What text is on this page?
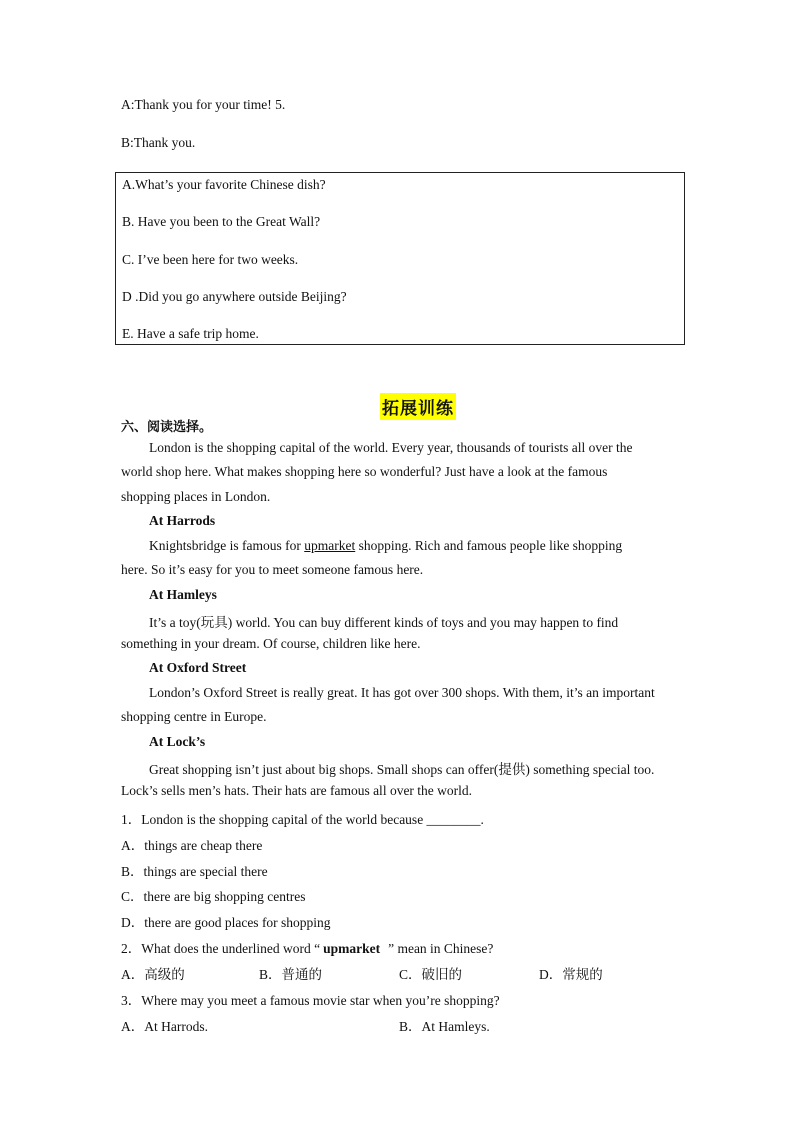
A:Thank you for your time! 5.
B:Thank you.
A.What’s your favorite Chinese dish?
B. Have you been to the Great Wall?
C. I’ve been here for two weeks.
D .Did you go anywhere outside Beijing?
E. Have a safe trip home.
拓展训练
六、阅读选择。
London is the shopping capital of the world. Every year, thousands of tourists all over the
world shop here. What makes shopping here so wonderful? Just have a look at the famous
shopping places in London.
At Harrods
Knightsbridge is famous for upmarket shopping. Rich and famous people like shopping
here. So it’s easy for you to meet someone famous here.
At Hamleys
It’s a toy(玩具) world. You can buy different kinds of toys and you may happen to find
something in your dream. Of course, children like here.
At Oxford Street
London’s Oxford Street is really great. It has got over 300 shops. With them, it’s an important
shopping centre in Europe.
At Lock’s
Great shopping isn’t just about big shops. Small shops can offer(提供) something special too.
Lock’s sells men’s hats. Their hats are famous all over the world.
1．London is the shopping capital of the world because ________.
A．things are cheap there
B．things are special there
C．there are big shopping centres
D．there are good places for shopping
2．What does the underlined word “ upmarket ” mean in Chinese?
A．高级的	B．普通的	C．破旧的	D．常规的
3．Where may you meet a famous movie star when you’re shopping?
A．At Harrods.	B．At Hamleys.
